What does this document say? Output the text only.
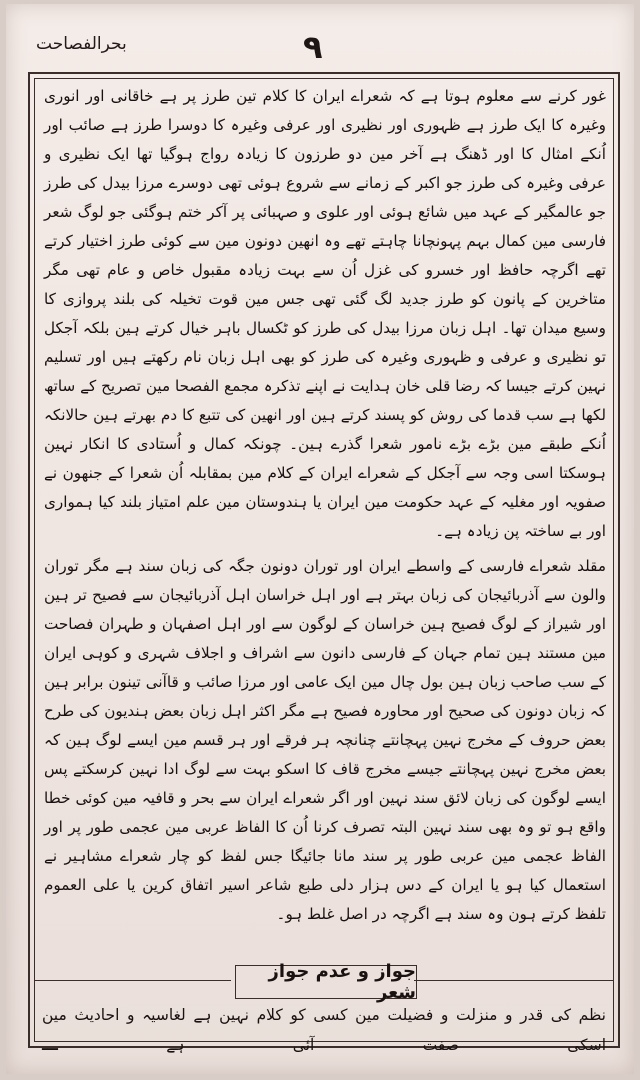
بحرالفصاحت	۹

غور کرنے سے معلوم ہوتا ہے کہ شعراے ایران کا کلام تین طرز پر ہے خاقانی اور انوری وغیرہ کا ایک طرز ہے ظہوری اور نظیری اور عرفی وغیرہ کا دوسرا طرز ہے صائب اور اُنکے امثال کا اور ڈھنگ ہے آخر مین دو طرزون کا زیادہ رواج ہوگیا تھا ایک نظیری و عرفی وغیرہ کی طرز جو اکبر کے زمانے سے شروع ہوئی تھی دوسرے مرزا بیدل کی طرز جو عالمگیر کے عہد میں شائع ہوئی اور علوی و صہبائی پر آکر ختم ہوگئی جو لوگ شعر فارسی مین کمال بہم پہونچانا چاہتے تھے وہ انھین دونون مین سے کوئی طرز اختیار کرتے تھے اگرچہ حافظ اور خسرو کی غزل اُن سے بہت زیادہ مقبول خاص و عام تھی مگر متاخرین کے پانون کو طرز جدید لگ گئی تھی جس مین قوت تخیلہ کی بلند پروازی کا وسیع میدان تھا۔ اہل زبان مرزا بیدل کی طرز کو ٹکسال باہر خیال کرتے ہین بلکہ آجکل تو نظیری و عرفی و ظہوری وغیرہ کی طرز کو بھی اہل زبان نام رکھتے ہیں اور تسلیم نہین کرتے جیسا کہ رضا قلی خان ہدایت نے اپنے تذکرہ مجمع الفصحا مین تصریح کے ساتھ لکھا ہے سب قدما کی روش کو پسند کرتے ہین اور انھین کی تتبع کا دم بھرتے ہین حالانکہ اُنکے طبقے مین بڑے بڑے نامور شعرا گذرے ہین۔ چونکہ کمال و اُستادی کا انکار نہین ہوسکتا اسی وجہ سے آجکل کے شعراے ایران کے کلام مین بمقابلہ اُن شعرا کے جنھون نے صفویہ اور مغلیہ کے عہد حکومت مین ایران یا ہندوستان مین علم امتیاز بلند کیا ہمواری اور بے ساختہ پن زیادہ ہے۔

مقلد شعراے فارسی کے واسطے ایران اور توران دونون جگہ کی زبان سند ہے مگر توران والون سے آذربائیجان کی زبان بہتر ہے اور اہل خراسان اہل آذربائیجان سے فصیح تر ہین اور شیراز کے لوگ فصیح ہین خراسان کے لوگون سے اور اہل اصفہان و طہران فصاحت مین مستند ہین تمام جہان کے فارسی دانون سے اشراف و اجلاف شہری و کوہی ایران کے سب صاحب زبان ہین بول چال مین ایک عامی اور مرزا صائب و قاآنی تینون برابر ہین کہ زبان دونون کی صحیح اور محاورہ فصیح ہے مگر اکثر اہل زبان بعض ہندیون کی طرح بعض حروف کے مخرج نہین پہچانتے چنانچہ ہر فرقے اور ہر قسم مین ایسے لوگ ہین کہ بعض مخرج نہین پہچانتے جیسے مخرج قاف کا اسکو بہت سے لوگ ادا نہین کرسکتے پس ایسے لوگون کی زبان لائق سند نہین اور اگر شعراے ایران سے بحر و قافیہ مین کوئی خطا واقع ہو تو وہ بھی سند نہین البتہ تصرف کرنا اُن کا الفاظ عربی مین عجمی طور پر اور الفاظ عجمی مین عربی طور پر سند مانا جائیگا جس لفظ کو چار شعراے مشاہیر نے استعمال کیا ہو یا ایران کے دس ہزار دلی طبع شاعر اسیر اتفاق کرین یا علی العموم تلفظ کرتے ہون وہ سند ہے اگرچہ در اصل غلط ہو۔

جواز و عدم جواز شعر
نظم کی قدر و منزلت و فضیلت مین کسی کو کلام نہین ہے لغاسیہ و احادیث مین اسکی صفت آئی ہے ـــ
